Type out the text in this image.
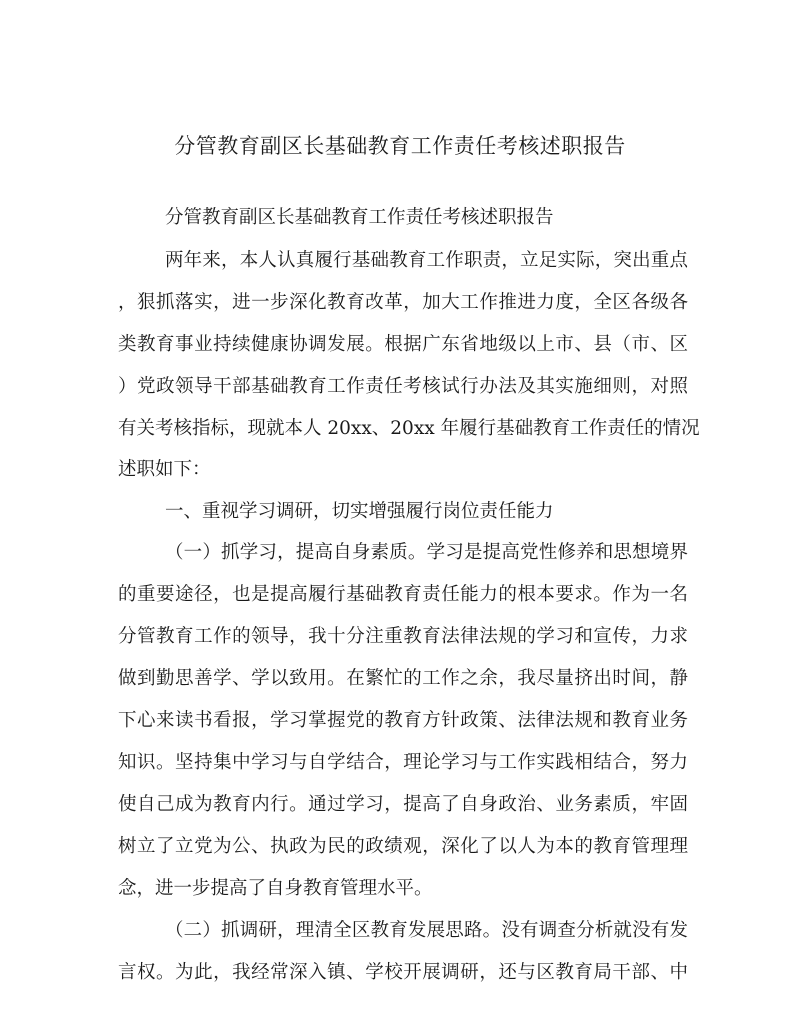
分管教育副区长基础教育工作责任考核述职报告
分管教育副区长基础教育工作责任考核述职报告
两年来，本人认真履行基础教育工作职责，立足实际，突出重点
，狠抓落实，进一步深化教育改革，加大工作推进力度，全区各级各
类教育事业持续健康协调发展。根据广东省地级以上市、县（市、区
）党政领导干部基础教育工作责任考核试行办法及其实施细则，对照
有关考核指标，现就本人 20xx、20xx 年履行基础教育工作责任的情况
述职如下：
一、重视学习调研，切实增强履行岗位责任能力
（一）抓学习，提高自身素质。学习是提高党性修养和思想境界
的重要途径，也是提高履行基础教育责任能力的根本要求。作为一名
分管教育工作的领导，我十分注重教育法律法规的学习和宣传，力求
做到勤思善学、学以致用。在繁忙的工作之余，我尽量挤出时间，静
下心来读书看报，学习掌握党的教育方针政策、法律法规和教育业务
知识。坚持集中学习与自学结合，理论学习与工作实践相结合，努力
使自己成为教育内行。通过学习，提高了自身政治、业务素质，牢固
树立了立党为公、执政为民的政绩观，深化了以人为本的教育管理理
念，进一步提高了自身教育管理水平。
（二）抓调研，理清全区教育发展思路。没有调查分析就没有发
言权。为此，我经常深入镇、学校开展调研，还与区教育局干部、中
